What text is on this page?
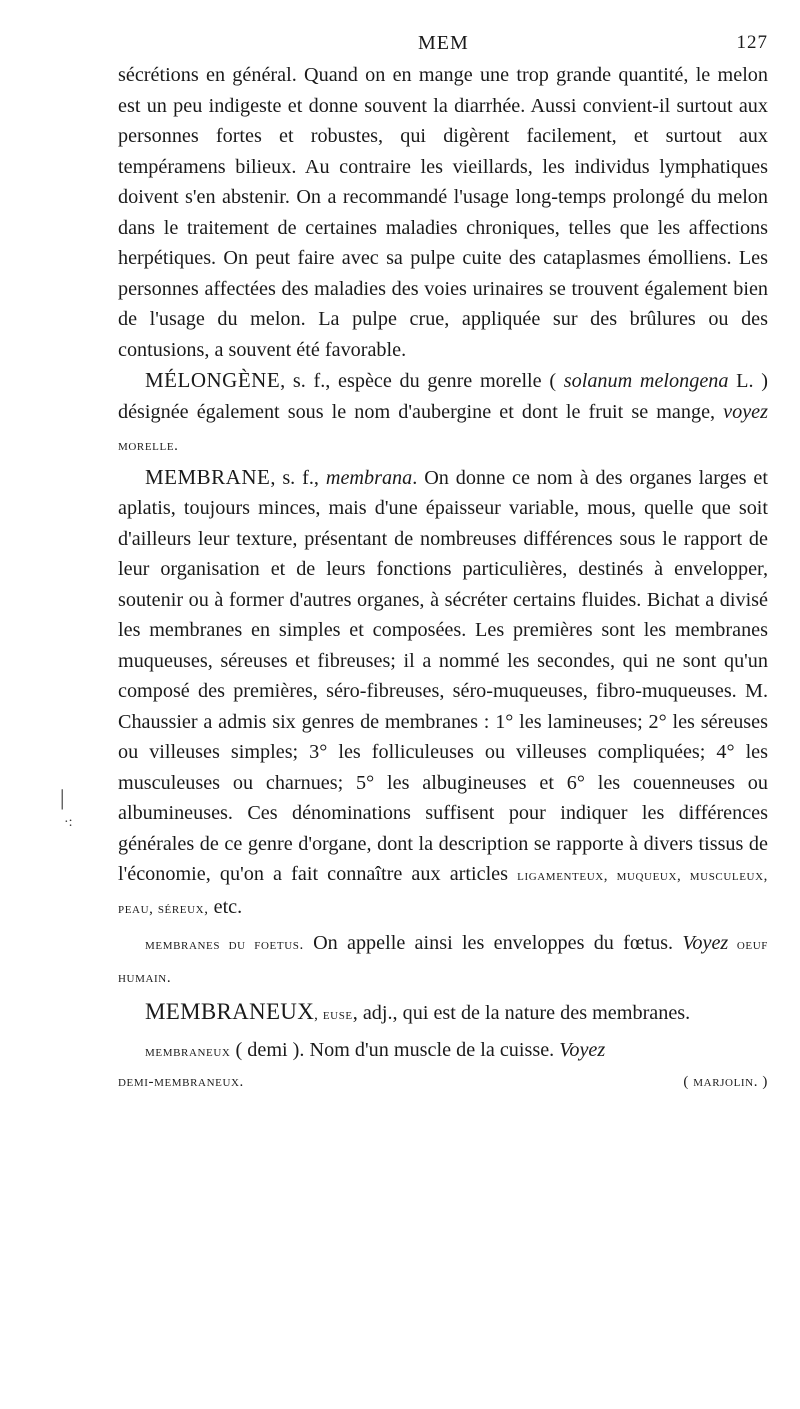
MEM	127

sécrétions en général. Quand on en mange une trop grande quantité, le melon est un peu indigeste et donne souvent la diarrhée. Aussi convient-il surtout aux personnes fortes et robustes, qui digèrent facilement, et surtout aux tempéramens bilieux. Au contraire les vieillards, les individus lymphatiques doivent s'en abstenir. On a recommandé l'usage long-temps prolongé du melon dans le traitement de certaines maladies chroniques, telles que les affections herpétiques. On peut faire avec sa pulpe cuite des cataplasmes émolliens. Les personnes affectées des maladies des voies urinaires se trouvent également bien de l'usage du melon. La pulpe crue, appliquée sur des brûlures ou des contusions, a souvent été favorable.

MÉLONGÈNE, s. f., espèce du genre morelle ( solanum melongena L. ) désignée également sous le nom d'aubergine et dont le fruit se mange, voyez morelle.

MEMBRANE, s. f., membrana. On donne ce nom à des organes larges et aplatis, toujours minces, mais d'une épaisseur variable, mous, quelle que soit d'ailleurs leur texture, présentant de nombreuses différences sous le rapport de leur organisation et de leurs fonctions particulières, destinés à envelopper, soutenir ou à former d'autres organes, à sécréter certains fluides. Bichat a divisé les membranes en simples et composées. Les premières sont les membranes muqueuses, séreuses et fibreuses; il a nommé les secondes, qui ne sont qu'un composé des premières, séro-fibreuses, séro-muqueuses, fibro-muqueuses. M. Chaussier a admis six genres de membranes : 1° les lamineuses; 2° les séreuses ou villeuses simples; 3° les folliculeuses ou villeuses compliquées; 4° les musculeuses ou charnues; 5° les albugineuses et 6° les couenneuses ou albumineuses. Ces dénominations suffisent pour indiquer les différences générales de ce genre d'organe, dont la description se rapporte à divers tissus de l'économie, qu'on a fait connaître aux articles ligamenteux, muqueux, musculeux, peau, séreux, etc.

membranes du foetus. On appelle ainsi les enveloppes du fœtus. Voyez oeuf humain.

MEMBRANEUX, euse, adj., qui est de la nature des membranes.

membraneux ( demi ). Nom d'un muscle de la cuisse. Voyez

demi-membraneux.	( marjolin. )

|
·:
